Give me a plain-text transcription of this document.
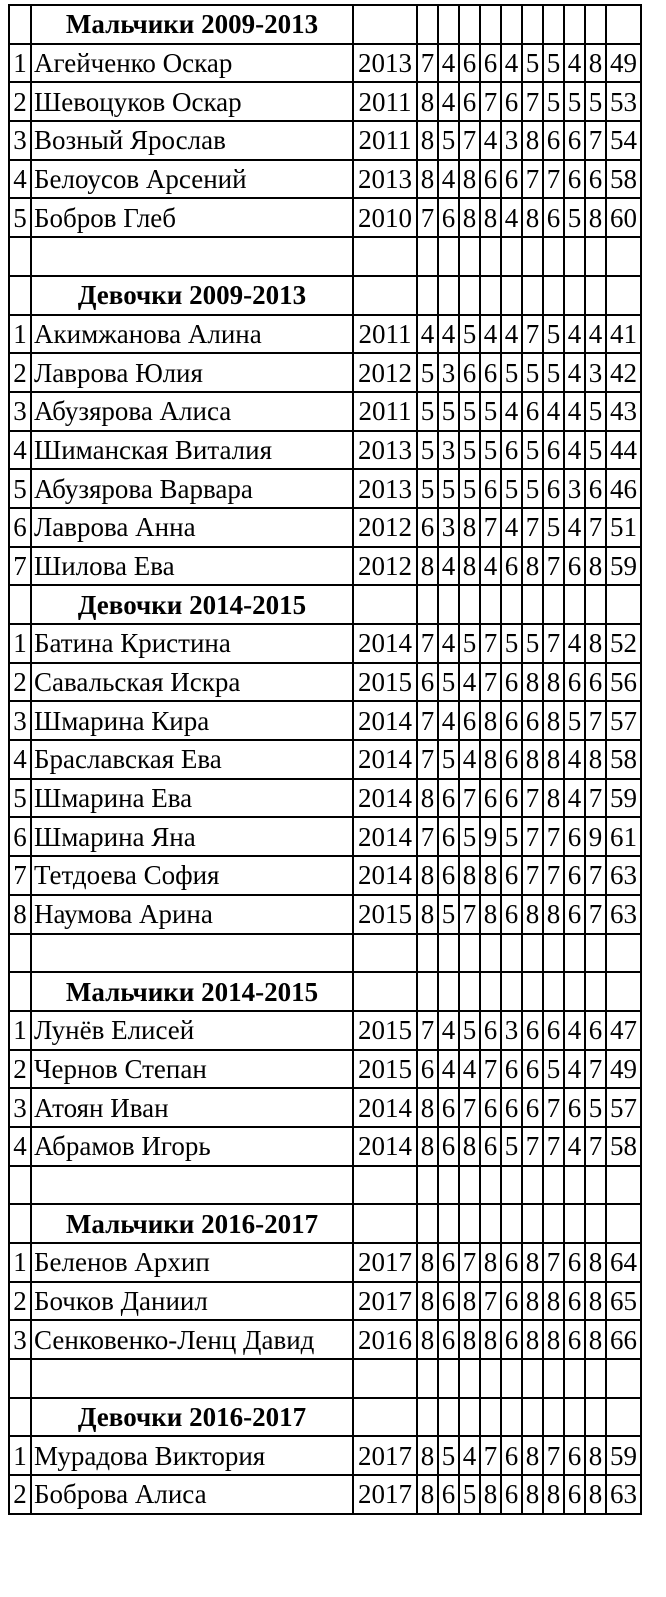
	Мальчики 2009-2013											
1	Агейченко Оскар	2013	7	4	6	6	4	5	5	4	8	49
2	Шевоцуков Оскар	2011	8	4	6	7	6	7	5	5	5	53
3	Возный Ярослав	2011	8	5	7	4	3	8	6	6	7	54
4	Белоусов Арсений	2013	8	4	8	6	6	7	7	6	6	58
5	Бобров Глеб	2010	7	6	8	8	4	8	6	5	8	60

	Девочки 2009-2013											
1	Акимжанова Алина	2011	4	4	5	4	4	7	5	4	4	41
2	Лаврова Юлия	2012	5	3	6	6	5	5	5	4	3	42
3	Абузярова Алиса	2011	5	5	5	5	4	6	4	4	5	43
4	Шиманская Виталия	2013	5	3	5	5	6	5	6	4	5	44
5	Абузярова Варвара	2013	5	5	5	6	5	5	6	3	6	46
6	Лаврова Анна	2012	6	3	8	7	4	7	5	4	7	51
7	Шилова Ева	2012	8	4	8	4	6	8	7	6	8	59
	Девочки 2014-2015											
1	Батина Кристина	2014	7	4	5	7	5	5	7	4	8	52
2	Савальская Искра	2015	6	5	4	7	6	8	8	6	6	56
3	Шмарина Кира	2014	7	4	6	8	6	6	8	5	7	57
4	Браславская Ева	2014	7	5	4	8	6	8	8	4	8	58
5	Шмарина Ева	2014	8	6	7	6	6	7	8	4	7	59
6	Шмарина Яна	2014	7	6	5	9	5	7	7	6	9	61
7	Тетдоева София	2014	8	6	8	8	6	7	7	6	7	63
8	Наумова Арина	2015	8	5	7	8	6	8	8	6	7	63

	Мальчики 2014-2015											
1	Лунёв Елисей	2015	7	4	5	6	3	6	6	4	6	47
2	Чернов Степан	2015	6	4	4	7	6	6	5	4	7	49
3	Атоян Иван	2014	8	6	7	6	6	6	7	6	5	57
4	Абрамов Игорь	2014	8	6	8	6	5	7	7	4	7	58

	Мальчики 2016-2017											
1	Беленов Архип	2017	8	6	7	8	6	8	7	6	8	64
2	Бочков Даниил	2017	8	6	8	7	6	8	8	6	8	65
3	Сенковенко-Ленц Давид	2016	8	6	8	8	6	8	8	6	8	66

	Девочки 2016-2017											
1	Мурадова Виктория	2017	8	5	4	7	6	8	7	6	8	59
2	Боброва Алиса	2017	8	6	5	8	6	8	8	6	8	63
